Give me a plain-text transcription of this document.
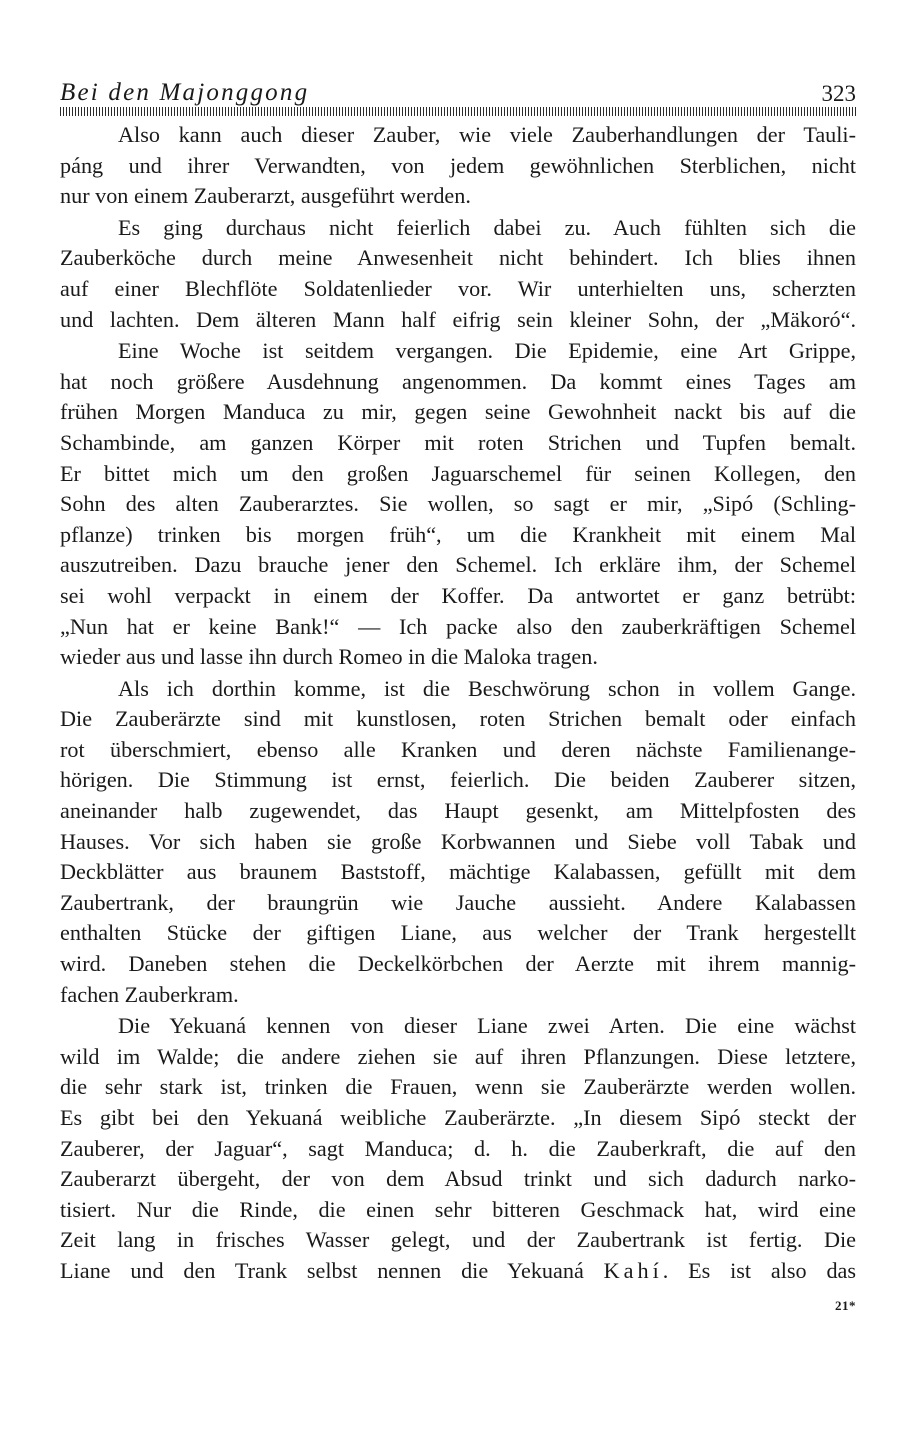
Bei den Majonggong	323

Also kann auch dieser Zauber, wie viele Zauberhandlungen der Tauli-
páng und ihrer Verwandten, von jedem gewöhnlichen Sterblichen, nicht
nur von einem Zauberarzt, ausgeführt werden.

Es ging durchaus nicht feierlich dabei zu. Auch fühlten sich die
Zauberköche durch meine Anwesenheit nicht behindert. Ich blies ihnen
auf einer Blechflöte Soldatenlieder vor. Wir unterhielten uns, scherzten
und lachten. Dem älteren Mann half eifrig sein kleiner Sohn, der „Mäkoró“.

Eine Woche ist seitdem vergangen. Die Epidemie, eine Art Grippe,
hat noch größere Ausdehnung angenommen. Da kommt eines Tages am
frühen Morgen Manduca zu mir, gegen seine Gewohnheit nackt bis auf die
Schambinde, am ganzen Körper mit roten Strichen und Tupfen bemalt.
Er bittet mich um den großen Jaguarschemel für seinen Kollegen, den
Sohn des alten Zauberarztes. Sie wollen, so sagt er mir, „Sipó (Schling-
pflanze) trinken bis morgen früh“, um die Krankheit mit einem Mal
auszutreiben. Dazu brauche jener den Schemel. Ich erkläre ihm, der Schemel
sei wohl verpackt in einem der Koffer. Da antwortet er ganz betrübt:
„Nun hat er keine Bank!“ — Ich packe also den zauberkräftigen Schemel
wieder aus und lasse ihn durch Romeo in die Maloka tragen.

Als ich dorthin komme, ist die Beschwörung schon in vollem Gange.
Die Zauberärzte sind mit kunstlosen, roten Strichen bemalt oder einfach
rot überschmiert, ebenso alle Kranken und deren nächste Familienange-
hörigen. Die Stimmung ist ernst, feierlich. Die beiden Zauberer sitzen,
aneinander halb zugewendet, das Haupt gesenkt, am Mittelpfosten des
Hauses. Vor sich haben sie große Korbwannen und Siebe voll Tabak und
Deckblätter aus braunem Baststoff, mächtige Kalabassen, gefüllt mit dem
Zaubertrank, der braungrün wie Jauche aussieht. Andere Kalabassen
enthalten Stücke der giftigen Liane, aus welcher der Trank hergestellt
wird. Daneben stehen die Deckelkörbchen der Aerzte mit ihrem mannig-
fachen Zauberkram.

Die Yekuaná kennen von dieser Liane zwei Arten. Die eine wächst
wild im Walde; die andere ziehen sie auf ihren Pflanzungen. Diese letztere,
die sehr stark ist, trinken die Frauen, wenn sie Zauberärzte werden wollen.
Es gibt bei den Yekuaná weibliche Zauberärzte. „In diesem Sipó steckt der
Zauberer, der Jaguar“, sagt Manduca; d. h. die Zauberkraft, die auf den
Zauberarzt übergeht, der von dem Absud trinkt und sich dadurch narko-
tisiert. Nur die Rinde, die einen sehr bitteren Geschmack hat, wird eine
Zeit lang in frisches Wasser gelegt, und der Zaubertrank ist fertig. Die
Liane und den Trank selbst nennen die Yekuaná Kahí. Es ist also das

21*
